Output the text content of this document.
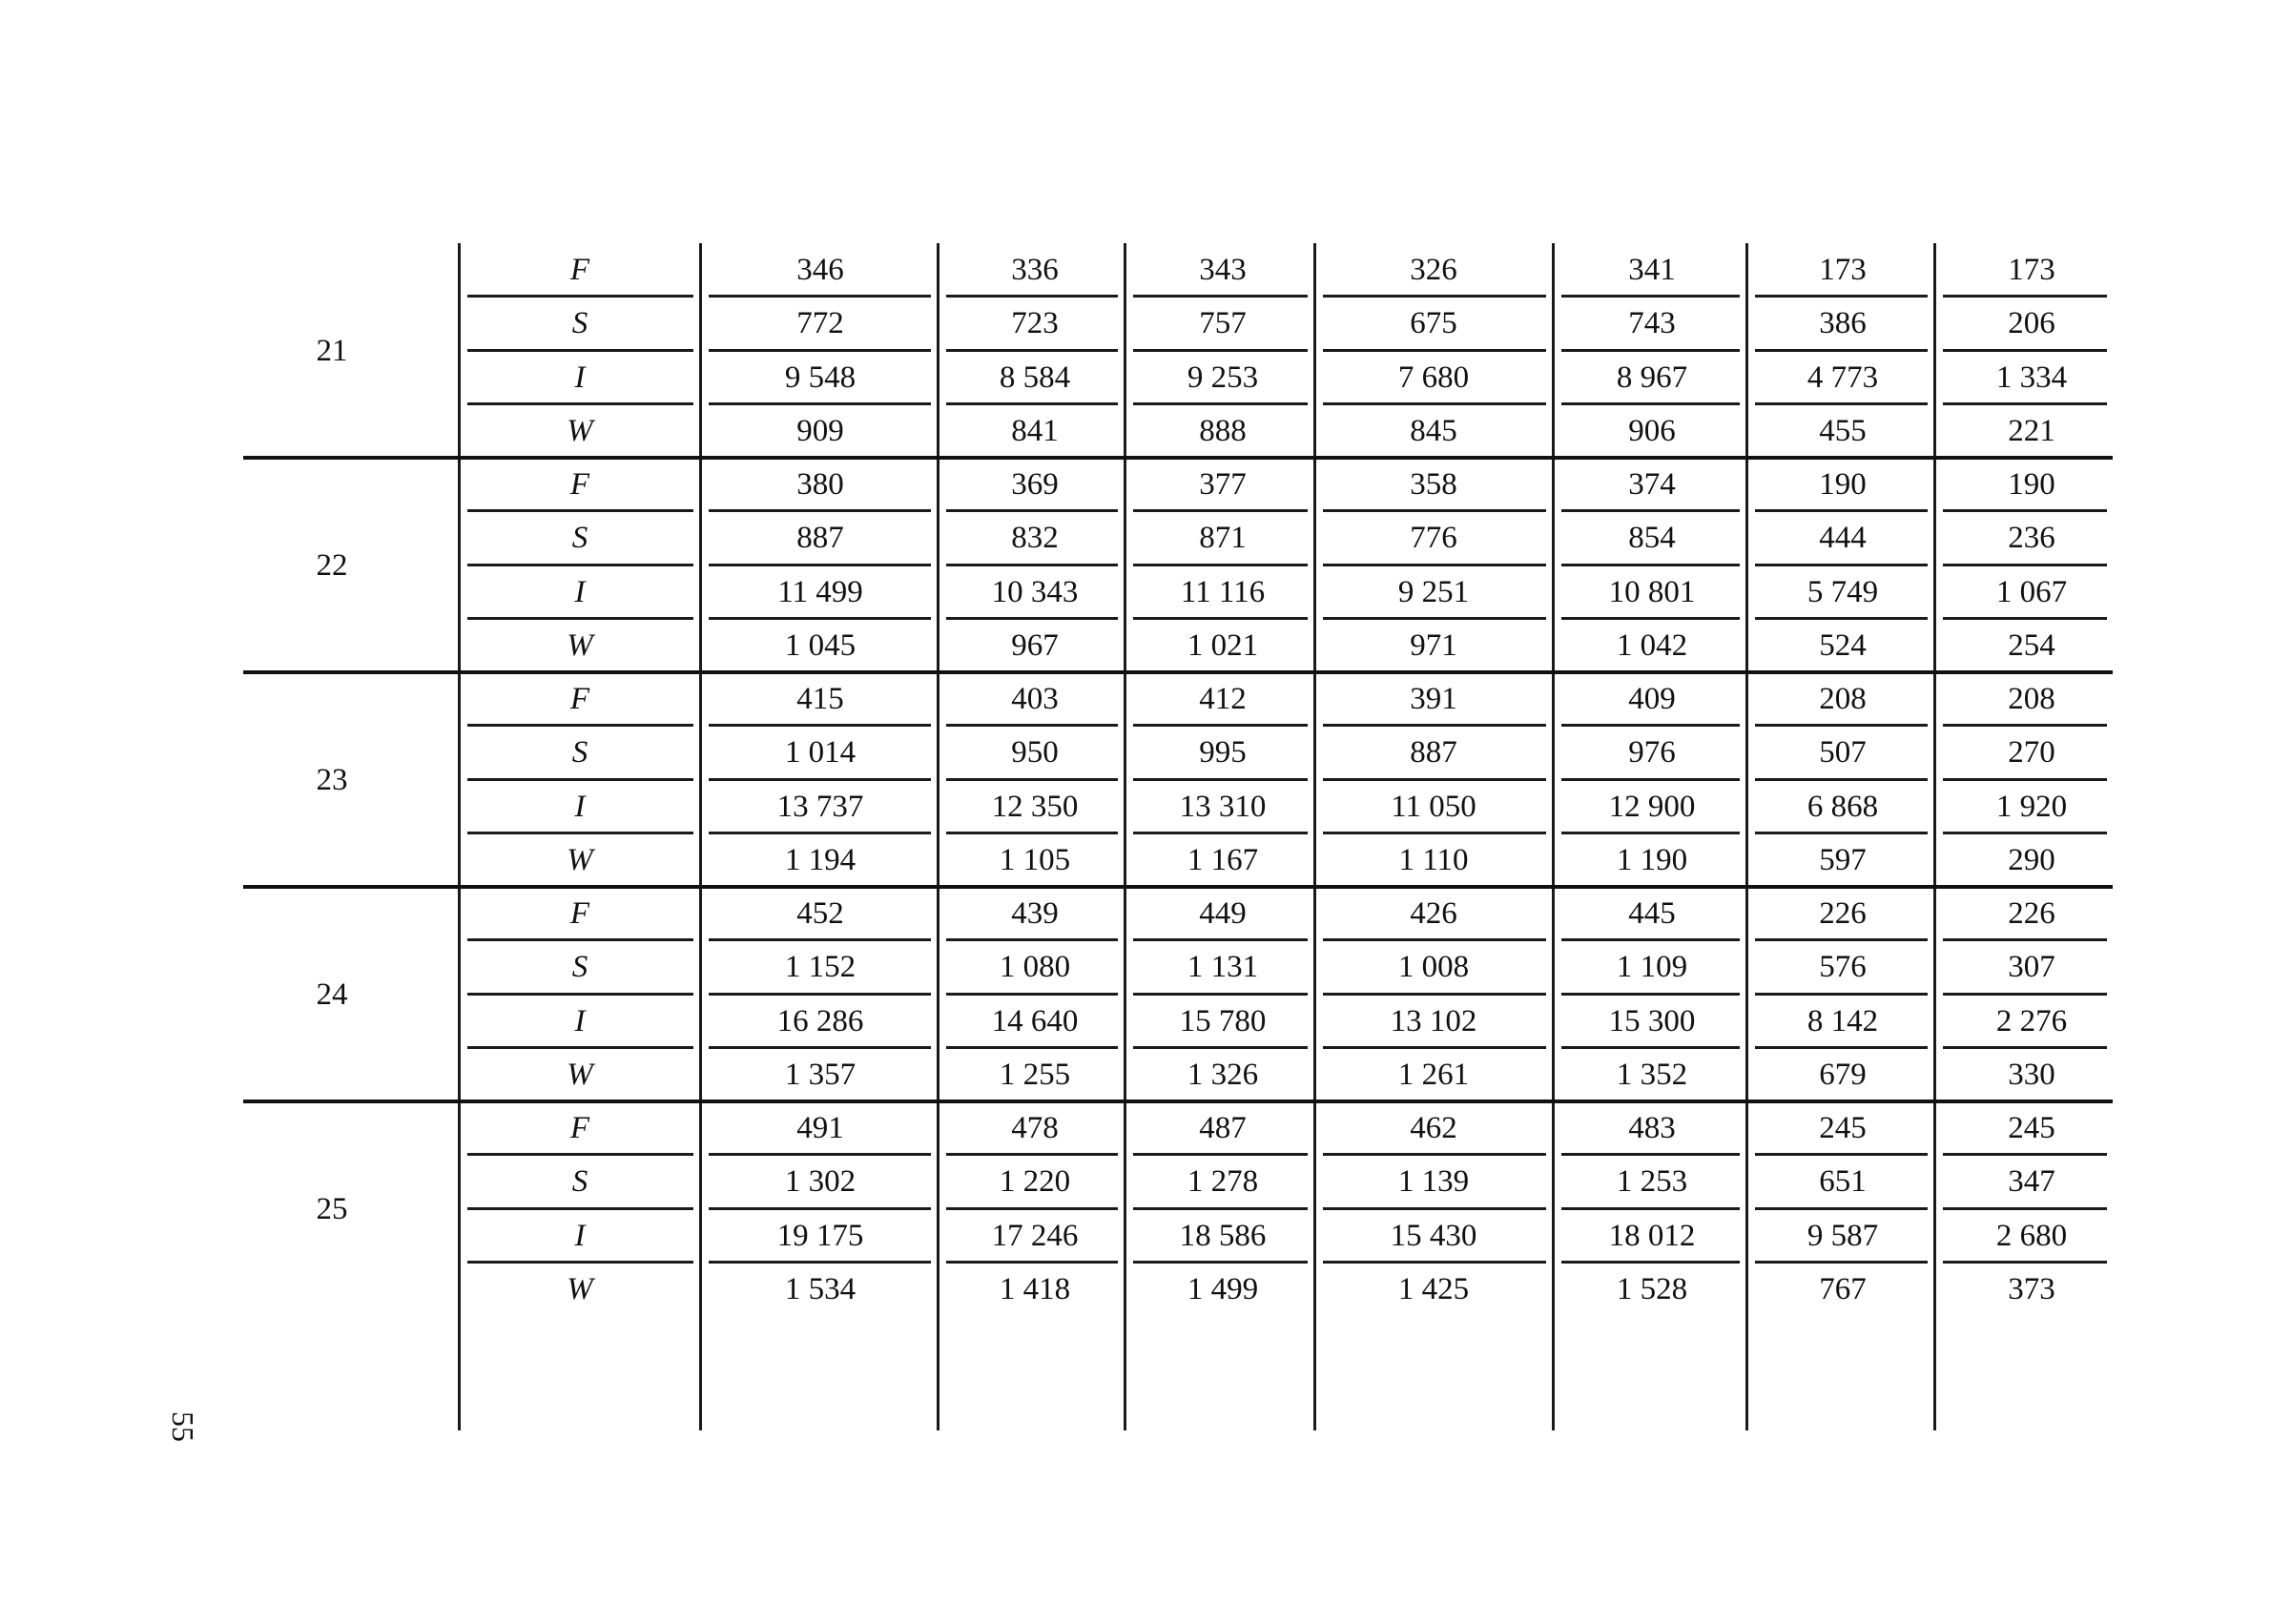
21
F	346	336	343	326	341	173	173
S	772	723	757	675	743	386	206
I	9 548	8 584	9 253	7 680	8 967	4 773	1 334
W	909	841	888	845	906	455	221
22
F	380	369	377	358	374	190	190
S	887	832	871	776	854	444	236
I	11 499	10 343	11 116	9 251	10 801	5 749	1 067
W	1 045	967	1 021	971	1 042	524	254
23
F	415	403	412	391	409	208	208
S	1 014	950	995	887	976	507	270
I	13 737	12 350	13 310	11 050	12 900	6 868	1 920
W	1 194	1 105	1 167	1 110	1 190	597	290
24
F	452	439	449	426	445	226	226
S	1 152	1 080	1 131	1 008	1 109	576	307
I	16 286	14 640	15 780	13 102	15 300	8 142	2 276
W	1 357	1 255	1 326	1 261	1 352	679	330
25
F	491	478	487	462	483	245	245
S	1 302	1 220	1 278	1 139	1 253	651	347
I	19 175	17 246	18 586	15 430	18 012	9 587	2 680
W	1 534	1 418	1 499	1 425	1 528	767	373
55
